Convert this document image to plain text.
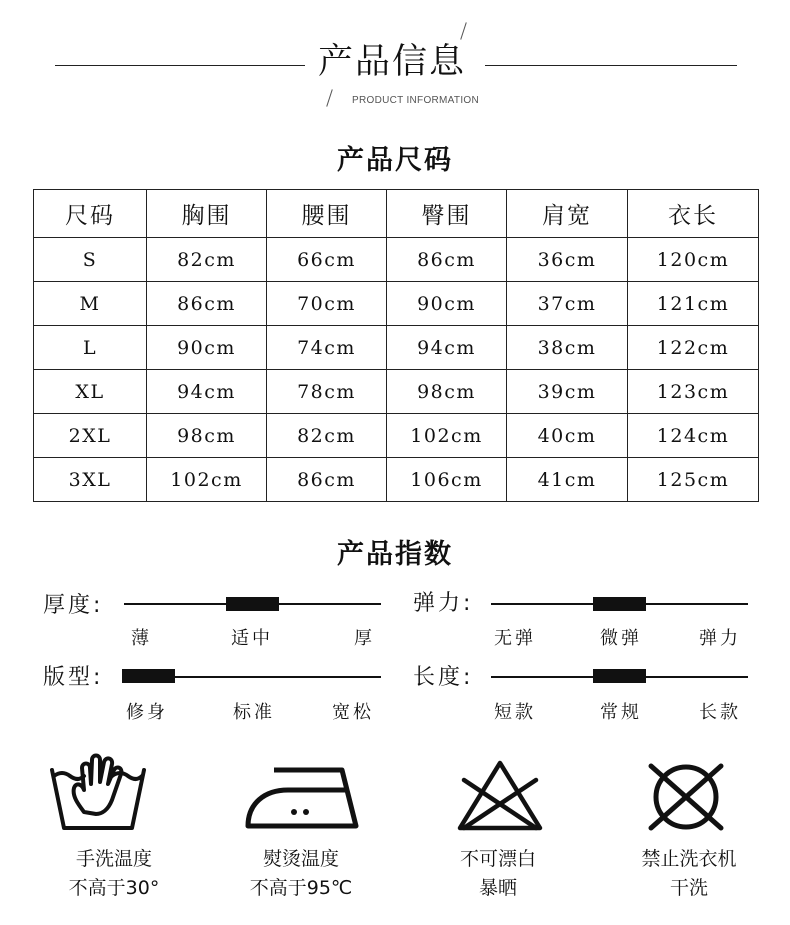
产品信息
PRODUCT INFORMATION
产品尺码
尺码	胸围	腰围	臀围	肩宽	衣长
S	82cm	66cm	86cm	36cm	120cm
M	86cm	70cm	90cm	37cm	121cm
L	90cm	74cm	94cm	38cm	122cm
XL	94cm	78cm	98cm	39cm	123cm
2XL	98cm	82cm	102cm	40cm	124cm
3XL	102cm	86cm	106cm	41cm	125cm
产品指数
厚度:
薄	适中	厚
弹力:
无弹	微弹	弹力
版型:
修身	标准	宽松
长度:
短款	常规	长款
手洗温度
不高于30°
熨烫温度
不高于95℃
不可漂白
暴晒
禁止洗衣机
干洗
